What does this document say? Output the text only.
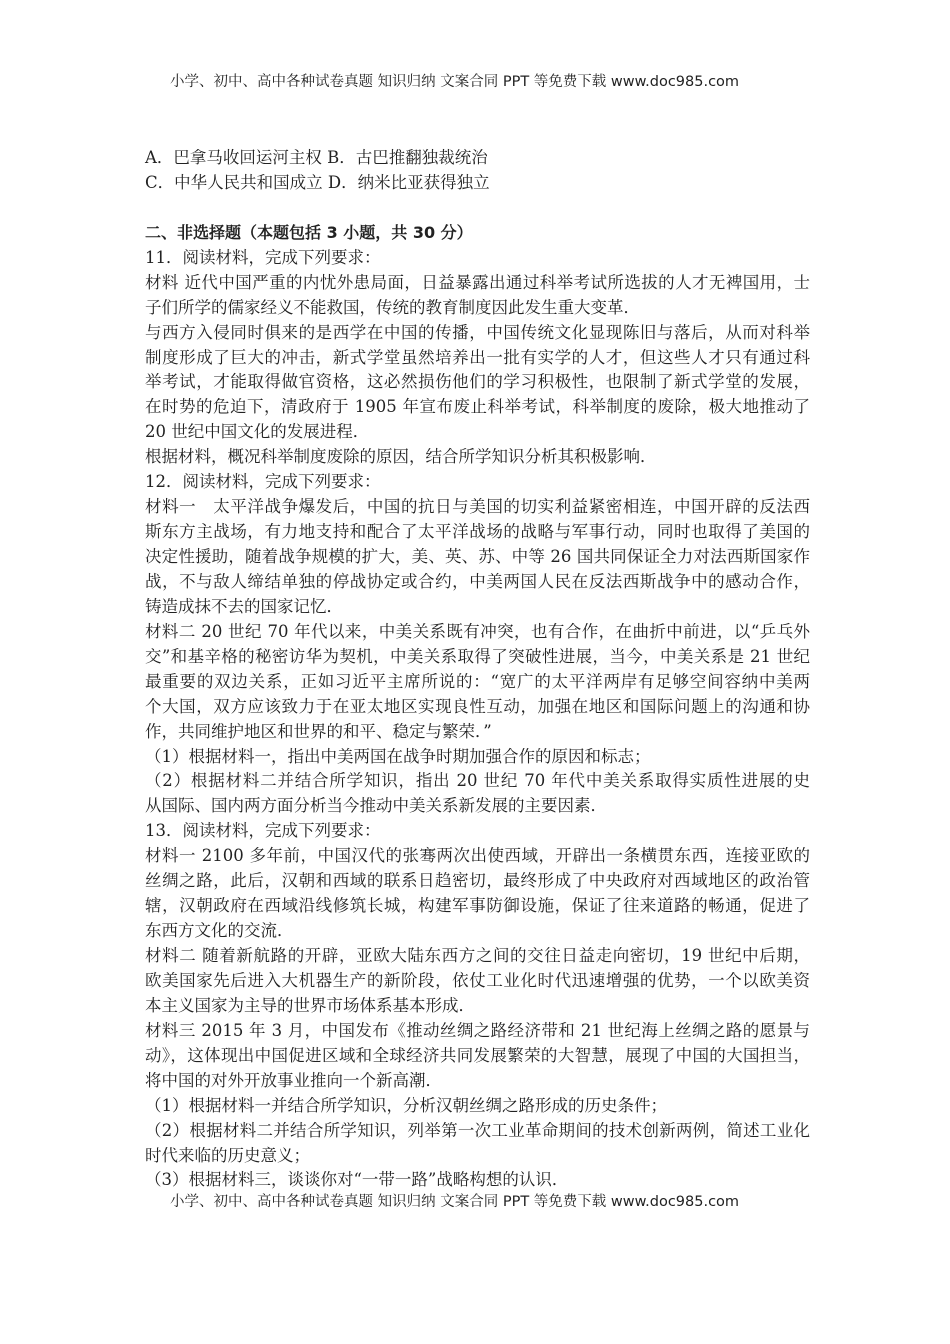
小学、初中、高中各种试卷真题 知识归纳 文案合同 PPT 等免费下载 www.doc985.com
A．巴拿马收回运河主权 B．古巴推翻独裁统治
C．中华人民共和国成立 D．纳米比亚获得独立
二、非选择题（本题包括 3 小题，共 30 分）
11．阅读材料，完成下列要求：
材料 近代中国严重的内忧外患局面，日益暴露出通过科举考试所选拔的人才无裨国用，士
子们所学的儒家经义不能救国，传统的教育制度因此发生重大变革．
与西方入侵同时俱来的是西学在中国的传播，中国传统文化显现陈旧与落后，从而对科举
制度形成了巨大的冲击，新式学堂虽然培养出一批有实学的人才，但这些人才只有通过科
举考试，才能取得做官资格，这必然损伤他们的学习积极性，也限制了新式学堂的发展，
在时势的危迫下，清政府于 1905 年宣布废止科举考试，科举制度的废除，极大地推动了
20 世纪中国文化的发展进程．
根据材料，概况科举制度废除的原因，结合所学知识分析其积极影响．
12．阅读材料，完成下列要求：
材料一　太平洋战争爆发后，中国的抗日与美国的切实利益紧密相连，中国开辟的反法西
斯东方主战场，有力地支持和配合了太平洋战场的战略与军事行动，同时也取得了美国的
决定性援助，随着战争规模的扩大，美、英、苏、中等 26 国共同保证全力对法西斯国家作
战，不与敌人缔结单独的停战协定或合约，中美两国人民在反法西斯战争中的感动合作，
铸造成抹不去的国家记忆．
材料二 20 世纪 70 年代以来，中美关系既有冲突，也有合作，在曲折中前进，以“乒乓外
交”和基辛格的秘密访华为契机，中美关系取得了突破性进展，当今，中美关系是 21 世纪
最重要的双边关系，正如习近平主席所说的：“宽广的太平洋两岸有足够空间容纳中美两
个大国，双方应该致力于在亚太地区实现良性互动，加强在地区和国际问题上的沟通和协
作，共同维护地区和世界的和平、稳定与繁荣．”
（1）根据材料一，指出中美两国在战争时期加强合作的原因和标志；
（2）根据材料二并结合所学知识，指出 20 世纪 70 年代中美关系取得实质性进展的史
从国际、国内两方面分析当今推动中美关系新发展的主要因素．
13．阅读材料，完成下列要求：
材料一 2100 多年前，中国汉代的张骞两次出使西域，开辟出一条横贯东西，连接亚欧的
丝绸之路，此后，汉朝和西域的联系日趋密切，最终形成了中央政府对西域地区的政治管
辖，汉朝政府在西域沿线修筑长城，构建军事防御设施，保证了往来道路的畅通，促进了
东西方文化的交流．
材料二 随着新航路的开辟，亚欧大陆东西方之间的交往日益走向密切，19 世纪中后期，
欧美国家先后进入大机器生产的新阶段，依仗工业化时代迅速增强的优势，一个以欧美资
本主义国家为主导的世界市场体系基本形成．
材料三 2015 年 3 月，中国发布《推动丝绸之路经济带和 21 世纪海上丝绸之路的愿景与
动》，这体现出中国促进区域和全球经济共同发展繁荣的大智慧，展现了中国的大国担当，
将中国的对外开放事业推向一个新高潮．
（1）根据材料一并结合所学知识，分析汉朝丝绸之路形成的历史条件；
（2）根据材料二并结合所学知识，列举第一次工业革命期间的技术创新两例，简述工业化
时代来临的历史意义；
（3）根据材料三，谈谈你对“一带一路”战略构想的认识．
小学、初中、高中各种试卷真题 知识归纳 文案合同 PPT 等免费下载 www.doc985.com
